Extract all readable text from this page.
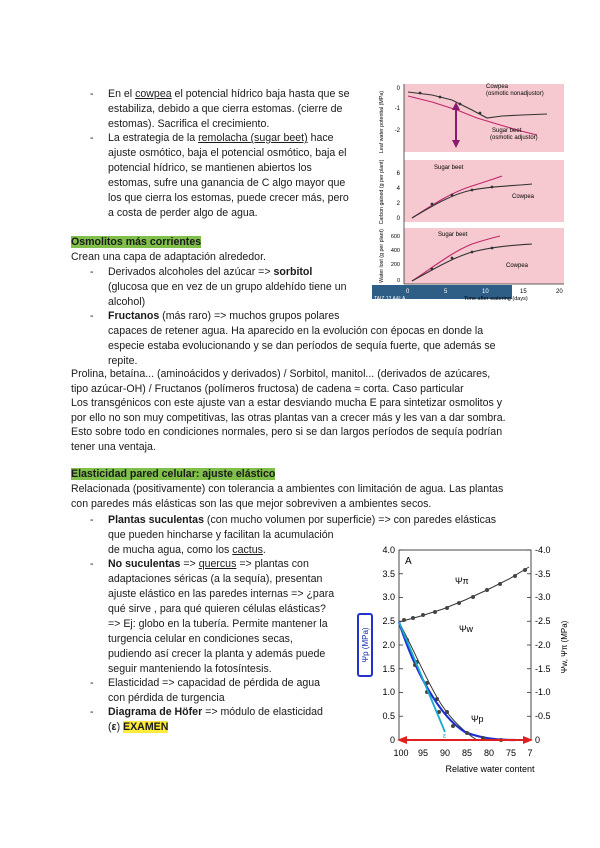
- En el cowpea el potencial hídrico baja hasta que se
estabiliza, debido a que cierra estomas. (cierre de
estomas). Sacrifica el crecimiento.
- La estrategia de la remolacha (sugar beet) hace
ajuste osmótico, baja el potencial osmótico, baja el
potencial hídrico, se mantienen abiertos los
estomas, sufre una ganancia de C algo mayor que
los que cierra los estomas, puede crecer más, pero
a costa de perder algo de agua.
0
-1
-2
6
4
2
0
600
400
200
0
0	5	10	15	20
Leaf water potential (MPa)
Carbon gained (g per plant)
Water lost (g per plant)
Cowpea
(osmotic nonadjustor)
Sugar beet
(osmotic adjustor)
Sugar beet
Cowpea
Sugar beet
Cowpea
TAIZ 12 A&LA	Time after watering (days)
Osmolitos más corrientes
Crean una capa de adaptación alrededor.
- Derivados alcoholes del azúcar => sorbitol
(glucosa que en vez de un grupo aldehído tiene un
alcohol)
- Fructanos (más raro) => muchos grupos polares
capaces de retener agua. Ha aparecido en la evolución con épocas en donde la
especie estaba evolucionando y se dan períodos de sequía fuerte, que además se
repite.
Prolina, betaína... (aminoácidos y derivados) / Sorbitol, manitol... (derivados de azúcares,
tipo azúcar-OH) / Fructanos (polímeros fructosa) de cadena ≈ corta. Caso particular
Los transgénicos con este ajuste van a estar desviando mucha E para sintetizar osmolitos y
por ello no son muy competitivas, las otras plantas van a crecer más y les van a dar sombra.
Esto sobre todo en condiciones normales, pero si se dan largos períodos de sequía podrían
tener una ventaja.
Elasticidad pared celular: ajuste elástico
Relacionada (positivamente) con tolerancia a ambientes con limitación de agua. Las plantas
con paredes más elásticas son las que mejor sobreviven a ambientes secos.
- Plantas suculentas (con mucho volumen por superficie) => con paredes elásticas
que pueden hincharse y facilitan la acumulación
de mucha agua, como los cactus.
- No suculentas => quercus => plantas con
adaptaciones séricas (a la sequía), presentan
ajuste elástico en las paredes internas => ¿para
qué sirve , para qué quieren células elásticas?
=> Ej: globo en la tubería. Permite mantener la
turgencia celular en condiciones secas,
pudiendo así crecer la planta y además puede
seguir manteniendo la fotosíntesis.
- Elasticidad => capacidad de pérdida de agua
con pérdida de turgencia
- Diagrama de Höfer => módulo de elasticidad
(ε) EXAMEN
4.0
3.5
3.0
2.5
2.0
1.5
1.0
0.5
0
-4.0
-3.5
-3.0
-2.5
-2.0
-1.5
-1.0
-0.5
0
100 95 90 85 80 75 7
Relative water content
A
Ψp (MPa)	Ψw, Ψπ (MPa)
ε
Ψπ
Ψw
Ψp
